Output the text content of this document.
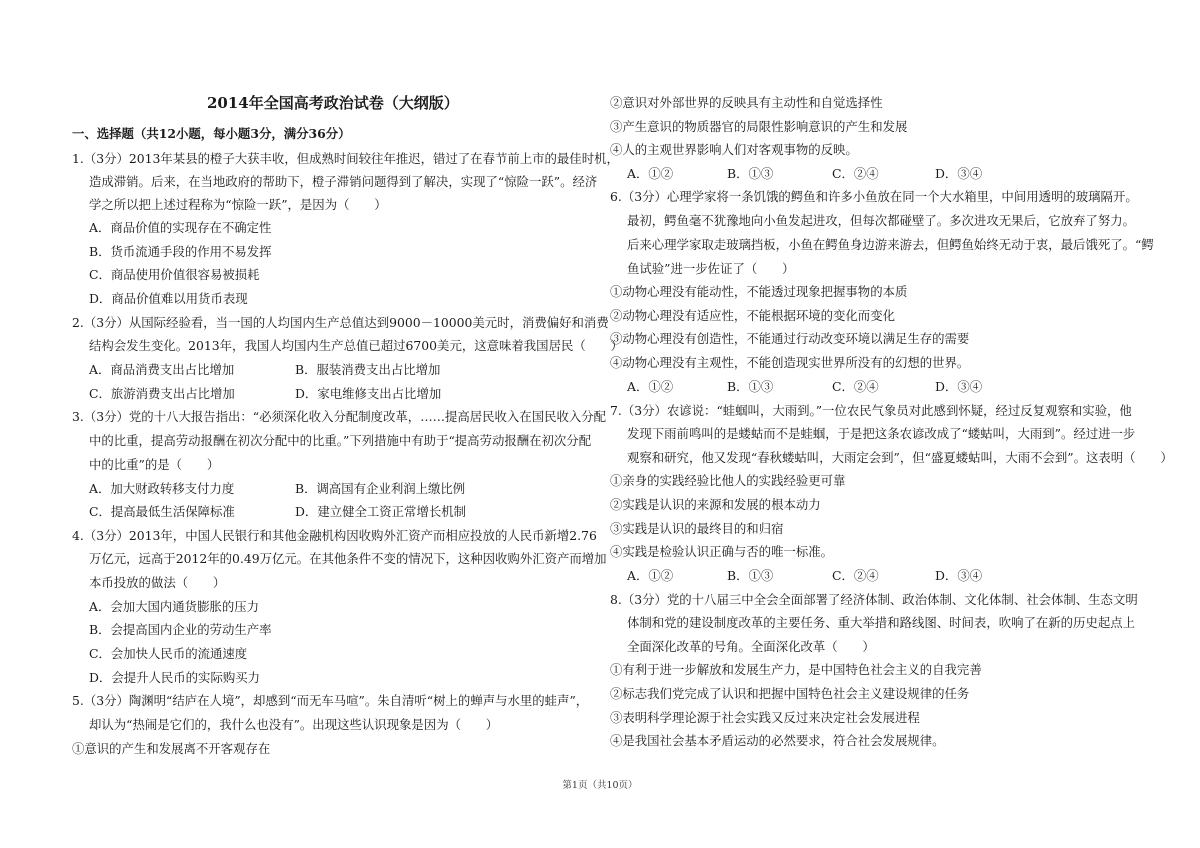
2014年全国高考政治试卷（大纲版）
一、选择题（共12小题，每小题3分，满分36分）
1.（3分）2013年某县的橙子大获丰收，但成熟时间较往年推迟，错过了在春节前上市的最佳时机，
造成滞销。后来，在当地政府的帮助下，橙子滞销问题得到了解决，实现了“惊险一跃”。经济
学之所以把上述过程称为“惊险一跃”，是因为（　　）
A．商品价值的实现存在不确定性
B．货币流通手段的作用不易发挥
C．商品使用价值很容易被损耗
D．商品价值难以用货币表现
2.（3分）从国际经验看，当一国的人均国内生产总值达到9000－10000美元时，消费偏好和消费
结构会发生变化。2013年，我国人均国内生产总值已超过6700美元，这意味着我国居民（　　）
A．商品消费支出占比增加	B．服装消费支出占比增加
C．旅游消费支出占比增加	D．家电维修支出占比增加
3.（3分）党的十八大报告指出：“必须深化收入分配制度改革，……提高居民收入在国民收入分配
中的比重，提高劳动报酬在初次分配中的比重。”下列措施中有助于“提高劳动报酬在初次分配
中的比重”的是（　　）
A．加大财政转移支付力度	B．调高国有企业利润上缴比例
C．提高最低生活保障标准	D．建立健全工资正常增长机制
4.（3分）2013年，中国人民银行和其他金融机构因收购外汇资产而相应投放的人民币新增2.76
万亿元，远高于2012年的0.49万亿元。在其他条件不变的情况下，这种因收购外汇资产而增加
本币投放的做法（　　）
A．会加大国内通货膨胀的压力
B．会提高国内企业的劳动生产率
C．会加快人民币的流通速度
D．会提升人民币的实际购买力
5.（3分）陶渊明“结庐在人境”，却感到“而无车马喧”。朱自清听“树上的蝉声与水里的蛙声”，
却认为“热闹是它们的，我什么也没有”。出现这些认识现象是因为（　　）
①意识的产生和发展离不开客观存在
②意识对外部世界的反映具有主动性和自觉选择性
③产生意识的物质器官的局限性影响意识的产生和发展
④人的主观世界影响人们对客观事物的反映。
A．①②	B．①③	C．②④	D．③④
6.（3分）心理学家将一条饥饿的鳄鱼和许多小鱼放在同一个大水箱里，中间用透明的玻璃隔开。
最初，鳄鱼毫不犹豫地向小鱼发起进攻，但每次都碰壁了。多次进攻无果后，它放弃了努力。
后来心理学家取走玻璃挡板，小鱼在鳄鱼身边游来游去，但鳄鱼始终无动于衷，最后饿死了。“鳄
鱼试验”进一步佐证了（　　）
①动物心理没有能动性，不能透过现象把握事物的本质
②动物心理没有适应性，不能根据环境的变化而变化
③动物心理没有创造性，不能通过行动改变环境以满足生存的需要
④动物心理没有主观性，不能创造现实世界所没有的幻想的世界。
A．①②	B．①③	C．②④	D．③④
7.（3分）农谚说：“蛙蝈叫，大雨到。”一位农民气象员对此感到怀疑，经过反复观察和实验，他
发现下雨前鸣叫的是蝼蛄而不是蛙蝈，于是把这条农谚改成了“蝼蛄叫，大雨到”。经过进一步
观察和研究，他又发现“春秋蝼蛄叫，大雨定会到”，但“盛夏蝼蛄叫，大雨不会到”。这表明（　　）
①亲身的实践经验比他人的实践经验更可靠
②实践是认识的来源和发展的根本动力
③实践是认识的最终目的和归宿
④实践是检验认识正确与否的唯一标准。
A．①②	B．①③	C．②④	D．③④
8.（3分）党的十八届三中全会全面部署了经济体制、政治体制、文化体制、社会体制、生态文明
体制和党的建设制度改革的主要任务、重大举措和路线图、时间表，吹响了在新的历史起点上
全面深化改革的号角。全面深化改革（　　）
①有利于进一步解放和发展生产力，是中国特色社会主义的自我完善
②标志我们党完成了认识和把握中国特色社会主义建设规律的任务
③表明科学理论源于社会实践又反过来决定社会发展进程
④是我国社会基本矛盾运动的必然要求，符合社会发展规律。
第1页（共10页）
